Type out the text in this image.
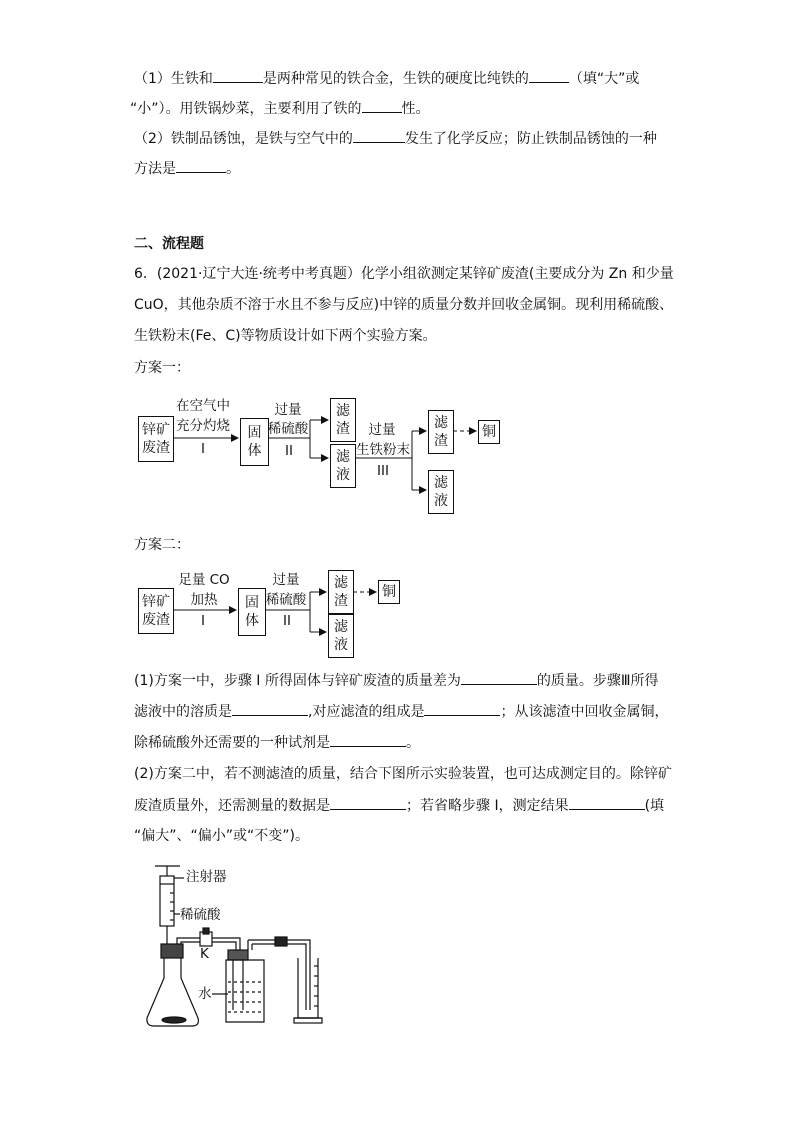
（1）生铁和	是两种常见的铁合金，生铁的硬度比纯铁的	（填“大”或
“小”）。用铁锅炒菜，主要利用了铁的	性。
（2）铁制品锈蚀，是铁与空气中的	发生了化学反应；防止铁制品锈蚀的一种
方法是	。
二、流程题
6．(2021·辽宁大连·统考中考真题）化学小组欲测定某锌矿废渣(主要成分为 Zn 和少量
CuO，其他杂质不溶于水且不参与反应)中锌的质量分数并回收金属铜。现利用稀硫酸、
生铁粉末(Fe、C)等物质设计如下两个实验方案。
方案一：
锌矿
废渣
在空气中
充分灼烧
I
固
体
过量
稀硫酸
II
滤
渣
滤
液
过量
生铁粉末
III
滤
渣
滤
液
铜
方案二：
锌矿
废渣
足量 CO
加热
I
固
体
过量
稀硫酸
II
滤
渣
滤
液
铜
(1)方案一中，步骤 I 所得固体与锌矿废渣的质量差为	的质量。步骤Ⅲ所得
滤液中的溶质是	,对应滤渣的组成是	；从该滤渣中回收金属铜，
除稀硫酸外还需要的一种试剂是	。
(2)方案二中，若不测滤渣的质量，结合下图所示实验装置，也可达成测定目的。除锌矿
废渣质量外，还需测量的数据是	；若省略步骤 I，测定结果	(填
“偏大”、“偏小”或“不变”)。
注射器
稀硫酸
K
水
